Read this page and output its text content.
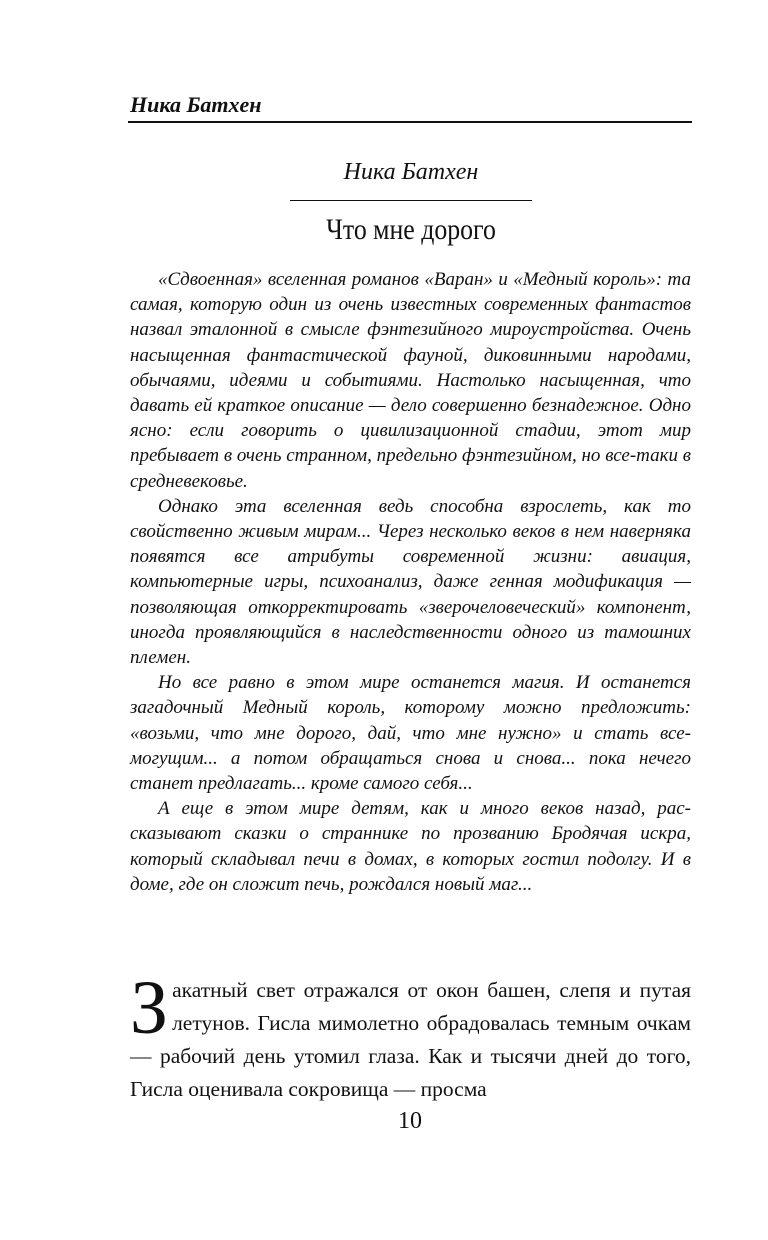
Ника Батхен
Ника Батхен
Что мне дорого

«Сдвоенная» вселенная романов «Варан» и «Медный король»: та самая, которую один из очень известных современных фантастов назвал эталонной в смысле фэнтезийного мироустройства. Очень насыщенная фантастической фауной, диковинными народами, обычаями, идеями и событиями. Настолько насыщенная, что давать ей краткое описание — дело совершенно безнадежное. Одно ясно: если говорить о цивилизационной стадии, этот мир пребывает в очень странном, предельно фэнтезийном, но все-таки в средневековье.

Однако эта вселенная ведь способна взрослеть, как то свойственно живым мирам... Через несколько веков в нем наверняка появятся все атрибуты современной жизни: авиация, компьютерные игры, психоанализ, даже генная модификация — позволяющая откорректировать «зверочеловеческий» компонент, иногда проявляющийся в наследственности одного из тамошних племен.

Но все равно в этом мире останется магия. И останется загадочный Медный король, которому можно предложить: «возьми, что мне дорого, дай, что мне нужно» и стать всемогущим... а потом обращаться снова и снова... пока нечего станет предлагать... кроме самого себя...

А еще в этом мире детям, как и много веков назад, рассказывают сказки о страннике по прозванию Бродячая искра, который складывал печи в домах, в которых гостил подолгу. И в доме, где он сложит печь, рождался новый маг...

Закатный свет отражался от окон башен, слепя и путая летунов. Гисла мимолетно обрадовалась темным очкам — рабочий день утомил глаза. Как и тысячи дней до того, Гисла оценивала сокровища — просма

10
